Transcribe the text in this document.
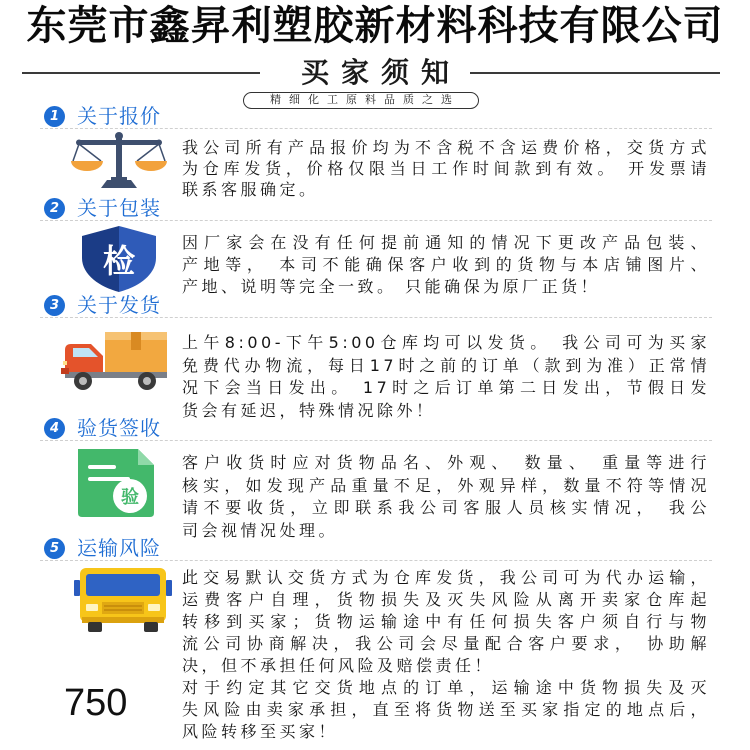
东莞市鑫昇利塑胶新材料科技有限公司
买家须知
精细化工原料品质之选
1 关于报价
我公司所有产品报价均为不含税不含运费价格，交货方式
为仓库发货，价格仅限当日工作时间款到有效。 开发票请
联系客服确定。
2 关于包装
检	因厂家会在没有任何提前通知的情况下更改产品包装、
产地等， 本司不能确保客户收到的货物与本店铺图片、
产地、说明等完全一致。 只能确保为原厂正货！
3 关于发货
上午8:00-下午5:00仓库均可以发货。 我公司可为买家
免费代办物流，每日17时之前的订单（款到为准）正常情
况下会当日发出。 17时之后订单第二日发出，节假日发
货会有延迟，特殊情况除外！
4 验货签收
验
客户收货时应对货物品名、外观、 数量、 重量等进行
核实，如发现产品重量不足，外观异样，数量不符等情况
请不要收货，立即联系我公司客服人员核实情况， 我公
司会视情况处理。
5 运输风险
此交易默认交货方式为仓库发货，我公司可为代办运输，
运费客户自理，货物损失及灭失风险从离开卖家仓库起
转移到买家；货物运输途中有任何损失客户须自行与物
流公司协商解决，我公司会尽量配合客户要求， 协助解
决，但不承担任何风险及赔偿责任！
对于约定其它交货地点的订单，运输途中货物损失及灭
失风险由卖家承担，直至将货物送至买家指定的地点后，
风险转移至买家！
750
